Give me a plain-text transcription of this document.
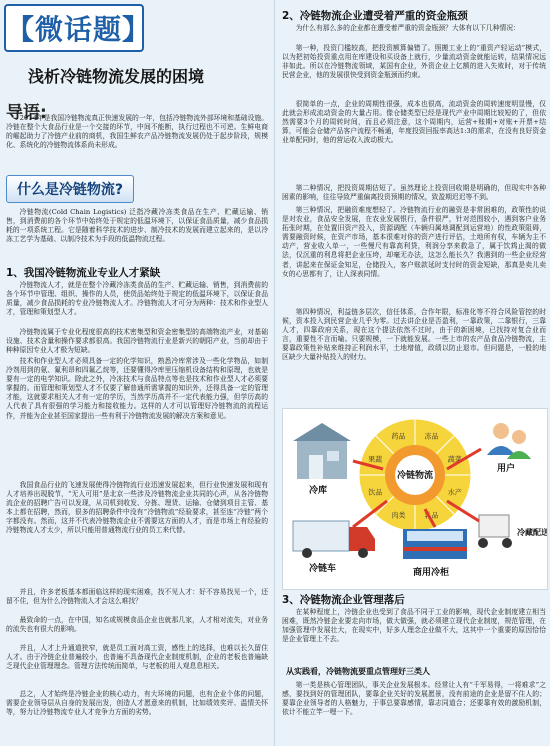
【微话题】
浅析冷链物流发展的困境
导语:
2014年是我国冷链物流真正快速发展的一年，包括冷链物流外部环境和基础设施。冷链在整个大食品行业是一个交接的环节，中间不能断，执行过程也不可逆。生鲜电商的崛起助力了冷链产业前的商机，我国生鲜农产品冷链物流发展仍处于起步阶段，规模化、系统化的冷链物流体系尚未形成。
什么是冷链物流?
冷链物流(Cold Chain Logistics) 泛指冷藏冷冻类食品在生产、贮藏运输、销售，到消费前的各个环节中始终处于规定的低温环境下，以保证食品质量，减少食品损耗的一项系统工程。它是随着科学技术的进步、制冷技术的发展而建立起来的，是以冷冻工艺学为基础、以制冷技术为手段的低温物流过程。
1、我国冷链物流业专业人才紧缺
冷链物流人才，就是在整个冷藏冷冻类食品的生产、贮藏运输、销售，到消费前的各个环节中管理、组织、操作的人员，使货品始终处于规定的低温环境下，以保证食品质量，减少食品损耗的专业冷链物流人才。冷链物流人才可分为两种：技术和作业型人才，管理和策划型人才。
冷链物流属于专业化程度很高的技术密集型和资金密集型的高端物流产业，对基础设施、技术含量和操作要求都很高。我国冷链物流行业是新兴的朝阳产业，当前却由于种种原因专业人才极为短缺。
技术和作业型人才必须具备一定的化学知识，熟悉冷库常涉及一些化学物品，如制冷剂用到的氨、氟利昂和四氟乙烷等，还要懂得冷库里压缩机设备结构和原理，也就是要有一定的电学知识。除此之外，冷冻技术与食品特点等也是技术和作业型人才必须要掌握的。而管理和策划型人才不仅要了解普通所需掌握的知识外，还得具备一定的管理才能，这就要求相关人才有一定的学历，当然学历高并不一定代表能力强，但学历高的人代表了具有很强的学习能力和接收能力。这样的人才可以管理好冷链物流的流程运作，并能为企业甚至国家提出一些有利于冷链物流发展的解决方案和意见。
我国食品行业的飞速发展使得冷链物流行业迅速发展起来，但行业快速发展和现有人才培养出现脱节，“无人可用”是北京一些涉及冷链物流企业共同的心声，从各冷链物流企业的招聘广告可以发现，从司机到收发、分拣、理货、运输、仓储到项目主管、基本上都在招聘，然而，很多的招聘条件中没有“冷链物流”经验要求，甚至连“冷链”两个字都没有。然而，这并不代表冷链物流企业不需要这方面的人才，而是市场上有经验的冷链物流人才太少，所以只能用普通物流行业的员工来代替。
并且，许多老板基本都面临这样的现实困难，找不见人才：好不容易找见一个，还留不住，但为什么冷链物流人才会这么难找？
最致命的一点，在中国，知名或规模食品企业也就那几家，人才相对流失，对业务的流失也有很大的影响。
并且，人才上升通道狭窄，就是员工面对高工资，感性上的选择，也难以长久留住人才。由于冷链企业普遍较小，也普遍不具备现代企业制度机制，企业的老板也普遍缺乏现代企业管理理念。管理方法传统而简单，与老板的用人观息息相关。
总之，人才始终是冷链企业的核心动力，有大环境的问题，也有企业个体的问题，需要企业领导层从自身的发展出发，创造人才愿意来的机制，比如绩效奖评、温情关怀等，努力让冷链物流专业人才竞争力方面的劣势。
2、冷链物流企业遭受着严重的资金瓶颈
为什么有那么多的企业都在遭受着严重的资金瓶颈？大体有以下几种情况：
第一种，投资门槛较高，把投资额算偏错了。照搬工业上的“重资产轻运动”模式，以为把初始投资重点用在库建设和买设备上就行，少量流动资金就能运转，结果情况远非如此。所以在冷链物流领域，某国有企业，外资企业上亿额的进入失败时，对于传统民营企业，他的发展很快受到资金瓶颈而约束。
很简单的一点，企业的周期性很强，成本也很高，流动资金的周转速度明显慢，仅此就会形成流动资金的大量占用。像仓储类型已经是现代产业中周期比较短的了，但依然需要3个月的周转时间，而且必须注意，这个周期内，运营+账期+对账+开票+结算，可能会仓储产品客户流程不畅通，年度投资回报率高达1:3的需求，在没有良好资金业单配同时，他的营运收入波动极大。
第二种情况，把投资周期估短了。虽然理论上投资回收期是明确的，但现实中各种困素的影响，往往导致严重偏离投资预期的情况，致盈期迟迟等不到。
第三种情况，把融资难度想轻了。冷链物流行业的融资是非常困难的，政策性的说是对农业，食品安全发展，在农业发展银行，条件很严，针对范围较小，遇到客户业务拓张时期，在处置旧资产投入，资源调配（车辆归属地调配到运营地）的性政策阻碍，需要融资时候，在资产市场，基本很难对你的资产进行评估，土地所有权，车辆为主不动产，营业收入单一，一些慢尺有靠高利贷，利润分享来救急了，属于饮鸩止渴的做法，仅沉重的利息将把企业压垮，却毫无办法，这怎么能长久？我遇到的一些企业经营者，讲起来在保证金知足，仓储投入，客户账款延时支付时的资金短缺，那真是卖儿卖女的心思都有了，让人深表同情。
第四种情况，利益链多层次，信任体系，合作年限，标准化等不符合风险管控的时候，资本投入到民营企业几乎为零。过去讲企业是否盈利，一靠政策，二靠银行，三靠人才，四靠政府关系，现在这个提法依然不过时，由于的新困境，已找持对复合业而言，重要性不言而喻。只要规模，一下就能发展。一些上市的农产品食品冷链物流，主要靠政策性补贴来维持正利润水平，土地增值，政绩以防止退市。但问题是，一般的地区缺少大量补贴投入的财力。
冻品
蔬菜
水产
乳品
肉类
饮品
果蔬
药品
冷链物流
冷库
用户
冷链车
冷藏配送
商用冷柜
3、冷链物流企业管理落后
在某种程度上，冷链企业也受到了食品不同于工业的影响，现代企业制度建立相当困难，既然冷链企业要走向市场，做大做强，就必须建立现代企业制度，规范管理，在加强管理中发展壮大，在现实中，好多人理念企业做不大，这其中一个重要的原因恰恰是企业管理上不去。
从实践看，冷链物流要重点管理好三类人
第一类是核心管理团队，事关企业发展根本。经常让人有“千军易得，一将难求”之感，要找到好的管理团队，要靠企业关好的发展愿景，没有前途的企业是留不住人的；要靠企业领导者的人格魅力，于事总要靠感情，靠志同道合；还要靠有效的激励机制，依计不能立竿一哩一下。
